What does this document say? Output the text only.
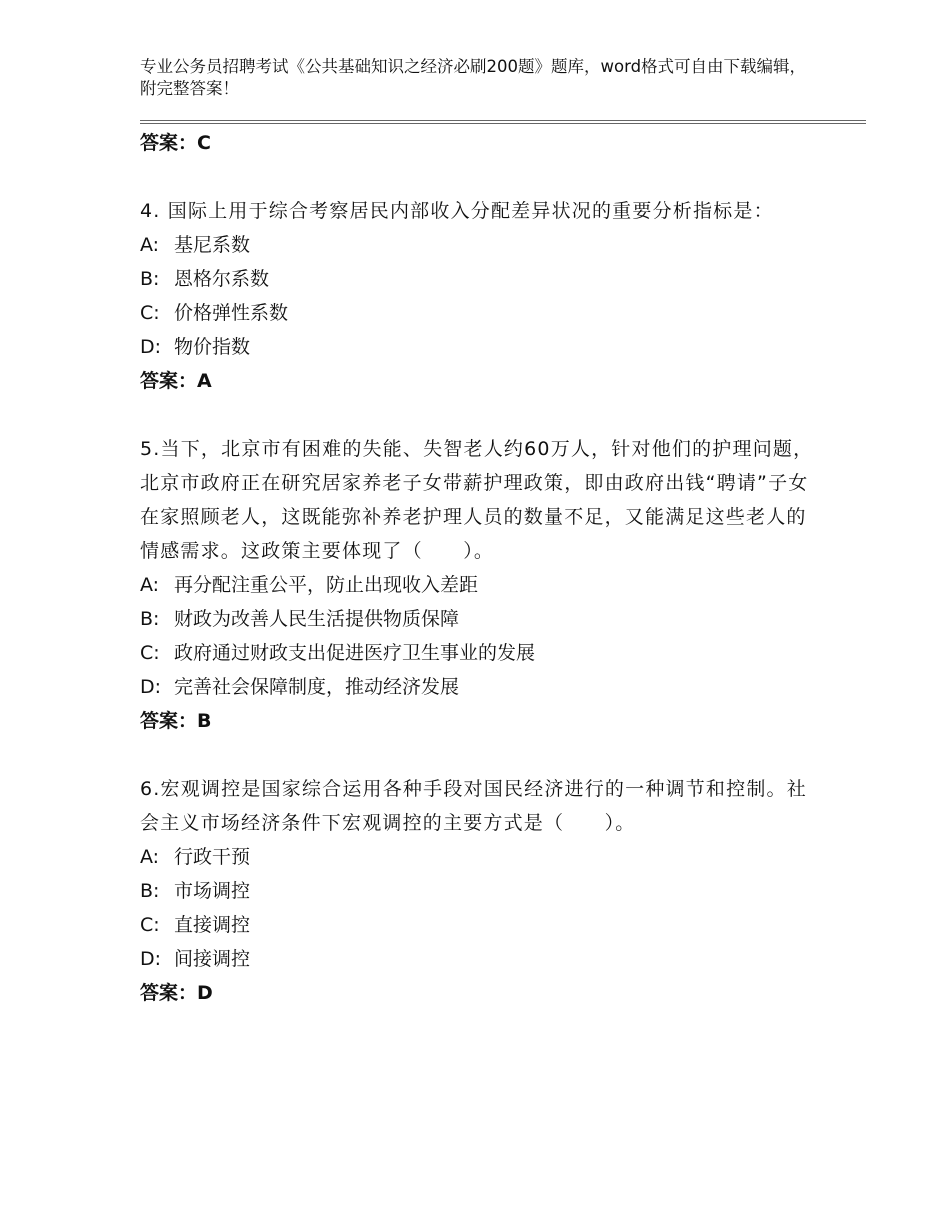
专业公务员招聘考试《公共基础知识之经济必刷200题》题库，word格式可自由下载编辑，附完整答案！
答案：C
4. 国际上用于综合考察居民内部收入分配差异状况的重要分析指标是：
A: 基尼系数
B: 恩格尔系数
C: 价格弹性系数
D: 物价指数
答案：A
5.当下，北京市有困难的失能、失智老人约60万人，针对他们的护理问题，北京市政府正在研究居家养老子女带薪护理政策，即由政府出钱“聘请”子女在家照顾老人，这既能弥补养老护理人员的数量不足，又能满足这些老人的情感需求。这政策主要体现了（　　）。
A: 再分配注重公平，防止出现收入差距
B: 财政为改善人民生活提供物质保障
C: 政府通过财政支出促进医疗卫生事业的发展
D: 完善社会保障制度，推动经济发展
答案：B
6.宏观调控是国家综合运用各种手段对国民经济进行的一种调节和控制。社会主义市场经济条件下宏观调控的主要方式是（　　）。
A: 行政干预
B: 市场调控
C: 直接调控
D: 间接调控
答案：D
